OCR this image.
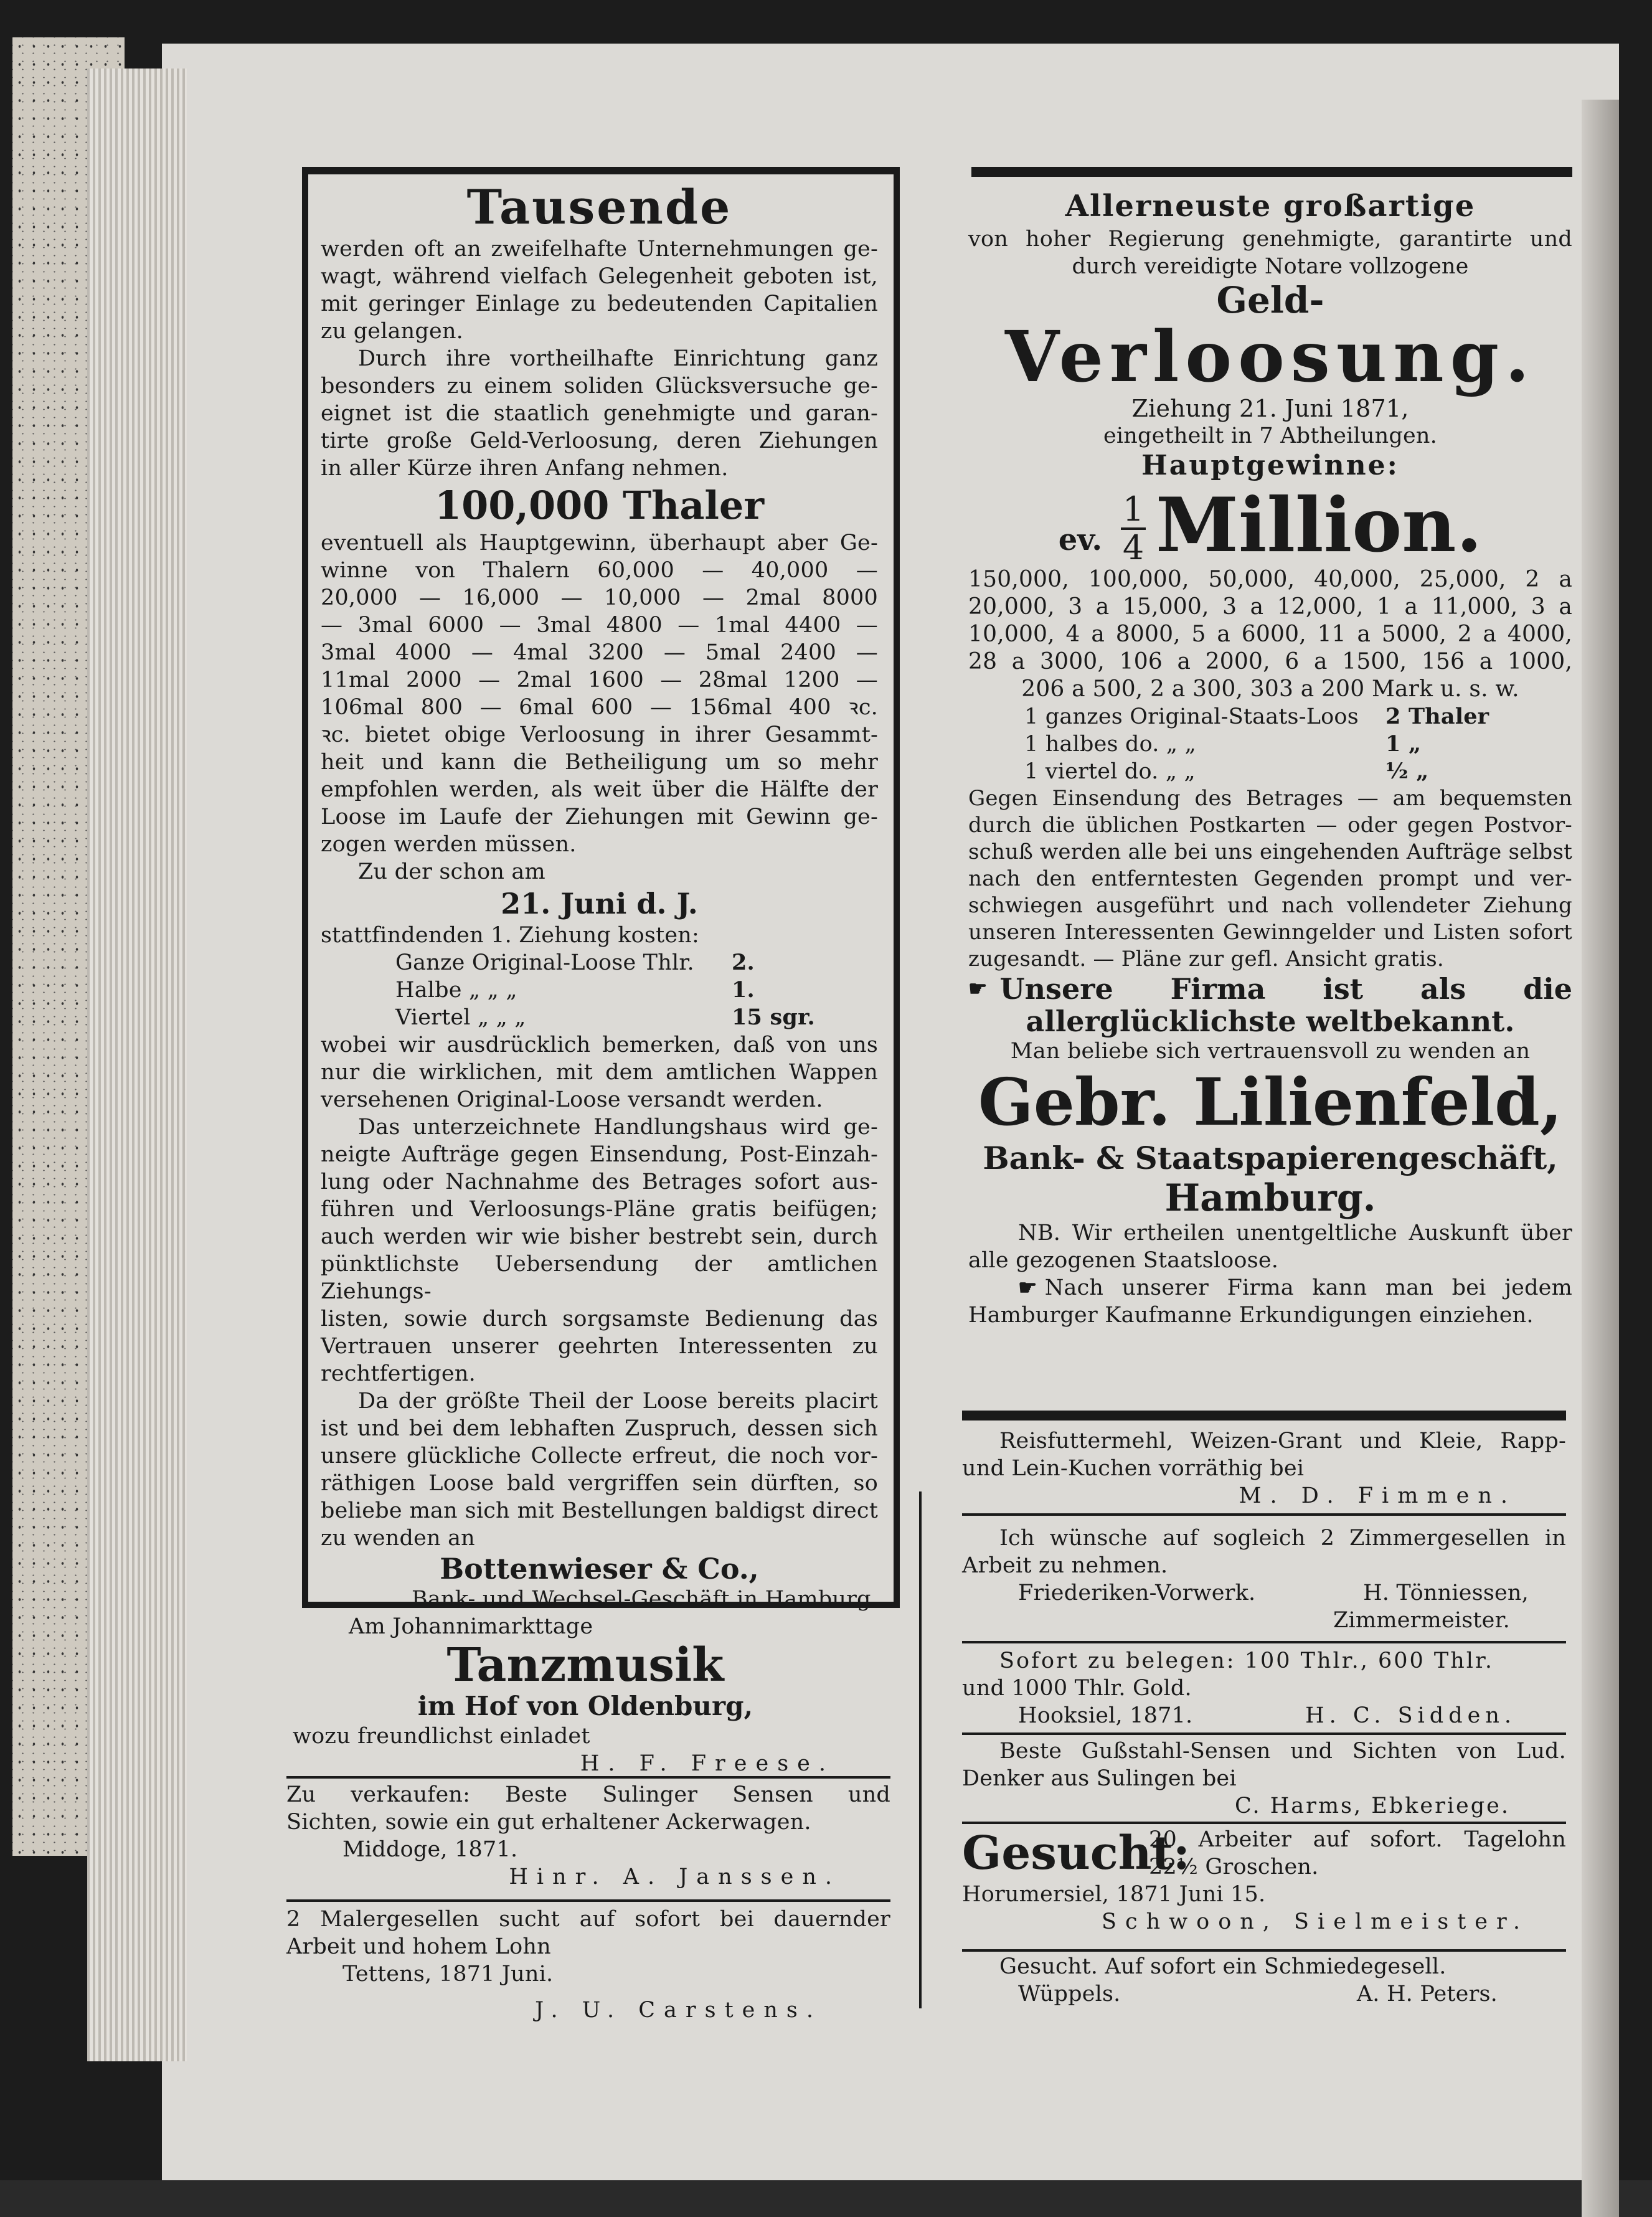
Tausende
werden oft an zweifelhafte Unternehmungen ge-
wagt, während vielfach Gelegenheit geboten ist,
mit geringer Einlage zu bedeutenden Capitalien
zu gelangen.
Durch ihre vortheilhafte Einrichtung ganz
besonders zu einem soliden Glücksversuche ge-
eignet ist die staatlich genehmigte und garan-
tirte große Geld-Verloosung, deren Ziehungen
in aller Kürze ihren Anfang nehmen.
100,000 Thaler
eventuell als Hauptgewinn, überhaupt aber Ge-
winne von Thalern 60,000 — 40,000 —
20,000 — 16,000 — 10,000 — 2mal 8000
— 3mal 6000 — 3mal 4800 — 1mal 4400 —
3mal 4000 — 4mal 3200 — 5mal 2400 —
11mal 2000 — 2mal 1600 — 28mal 1200 —
106mal 800 — 6mal 600 — 156mal 400 ꝛc.
ꝛc. bietet obige Verloosung in ihrer Gesammt-
heit und kann die Betheiligung um so mehr
empfohlen werden, als weit über die Hälfte der
Loose im Laufe der Ziehungen mit Gewinn ge-
zogen werden müssen.
Zu der schon am
21. Juni d. J.
stattfindenden 1. Ziehung kosten:
Ganze Original-Loose Thlr.	2.
Halbe „ „ „	1.
Viertel „ „ „	15 sgr.
wobei wir ausdrücklich bemerken, daß von uns
nur die wirklichen, mit dem amtlichen Wappen
versehenen Original-Loose versandt werden.
Das unterzeichnete Handlungshaus wird ge-
neigte Aufträge gegen Einsendung, Post-Einzah-
lung oder Nachnahme des Betrages sofort aus-
führen und Verloosungs-Pläne gratis beifügen;
auch werden wir wie bisher bestrebt sein, durch
pünktlichste Uebersendung der amtlichen Ziehungs-
listen, sowie durch sorgsamste Bedienung das
Vertrauen unserer geehrten Interessenten zu
rechtfertigen.
Da der größte Theil der Loose bereits placirt
ist und bei dem lebhaften Zuspruch, dessen sich
unsere glückliche Collecte erfreut, die noch vor-
räthigen Loose bald vergriffen sein dürften, so
beliebe man sich mit Bestellungen baldigst direct
zu wenden an
Bottenwieser & Co.,
Bank- und Wechsel-Geschäft in Hamburg.
Am Johannimarkttage
Tanzmusik
im Hof von Oldenburg,
wozu freundlichst einladet
H. F. Freese.
Zu verkaufen: Beste Sulinger Sensen und
Sichten, sowie ein gut erhaltener Ackerwagen.
Middoge, 1871.
Hinr. A. Janssen.
2 Malergesellen sucht auf sofort bei dauernder
Arbeit und hohem Lohn
Tettens, 1871 Juni.
J. U. Carstens.
Allerneuste großartige
von hoher Regierung genehmigte, garantirte und
durch vereidigte Notare vollzogene
Geld-
Verloosung.
Ziehung 21. Juni 1871,
eingetheilt in 7 Abtheilungen.
Hauptgewinne:
ev. $\frac{1}{4}$ Million.
150,000, 100,000, 50,000, 40,000, 25,000, 2 a
20,000, 3 a 15,000, 3 a 12,000, 1 a 11,000, 3 a
10,000, 4 a 8000, 5 a 6000, 11 a 5000, 2 a 4000,
28 a 3000, 106 a 2000, 6 a 1500, 156 a 1000,
206 a 500, 2 a 300, 303 a 200 Mark u. s. w.
1 ganzes Original-Staats-Loos	2 Thaler
1 halbes do. „ „	1 „
1 viertel do. „ „	½ „
Gegen Einsendung des Betrages — am bequemsten
durch die üblichen Postkarten — oder gegen Postvor-
schuß werden alle bei uns eingehenden Aufträge selbst
nach den entferntesten Gegenden prompt und ver-
schwiegen ausgeführt und nach vollendeter Ziehung
unseren Interessenten Gewinngelder und Listen sofort
zugesandt. — Pläne zur gefl. Ansicht gratis.
☛ Unsere Firma ist als die
allerglücklichste weltbekannt.
Man beliebe sich vertrauensvoll zu wenden an
Gebr. Lilienfeld,
Bank- & Staatspapierengeschäft,
Hamburg.
NB. Wir ertheilen unentgeltliche Auskunft über
alle gezogenen Staatsloose.
☛ Nach unserer Firma kann man bei jedem
Hamburger Kaufmanne Erkundigungen einziehen.
Reisfuttermehl, Weizen-Grant und Kleie, Rapp-
und Lein-Kuchen vorräthig bei
M. D. Fimmen.
Ich wünsche auf sogleich 2 Zimmergesellen in
Arbeit zu nehmen.
Friederiken-Vorwerk.	H. Tönniessen,
Zimmermeister.
Sofort zu belegen: 100 Thlr., 600 Thlr.
und 1000 Thlr. Gold.
Hooksiel, 1871.	H. C. Sidden.
Beste Gußstahl-Sensen und Sichten von Lud.
Denker aus Sulingen bei
C. Harms, Ebkeriege.
Gesucht:
20 Arbeiter auf sofort. Tagelohn
22½ Groschen.
Horumersiel, 1871 Juni 15.
Schwoon, Sielmeister.
Gesucht. Auf sofort ein Schmiedegesell.
Wüppels.	A. H. Peters.
